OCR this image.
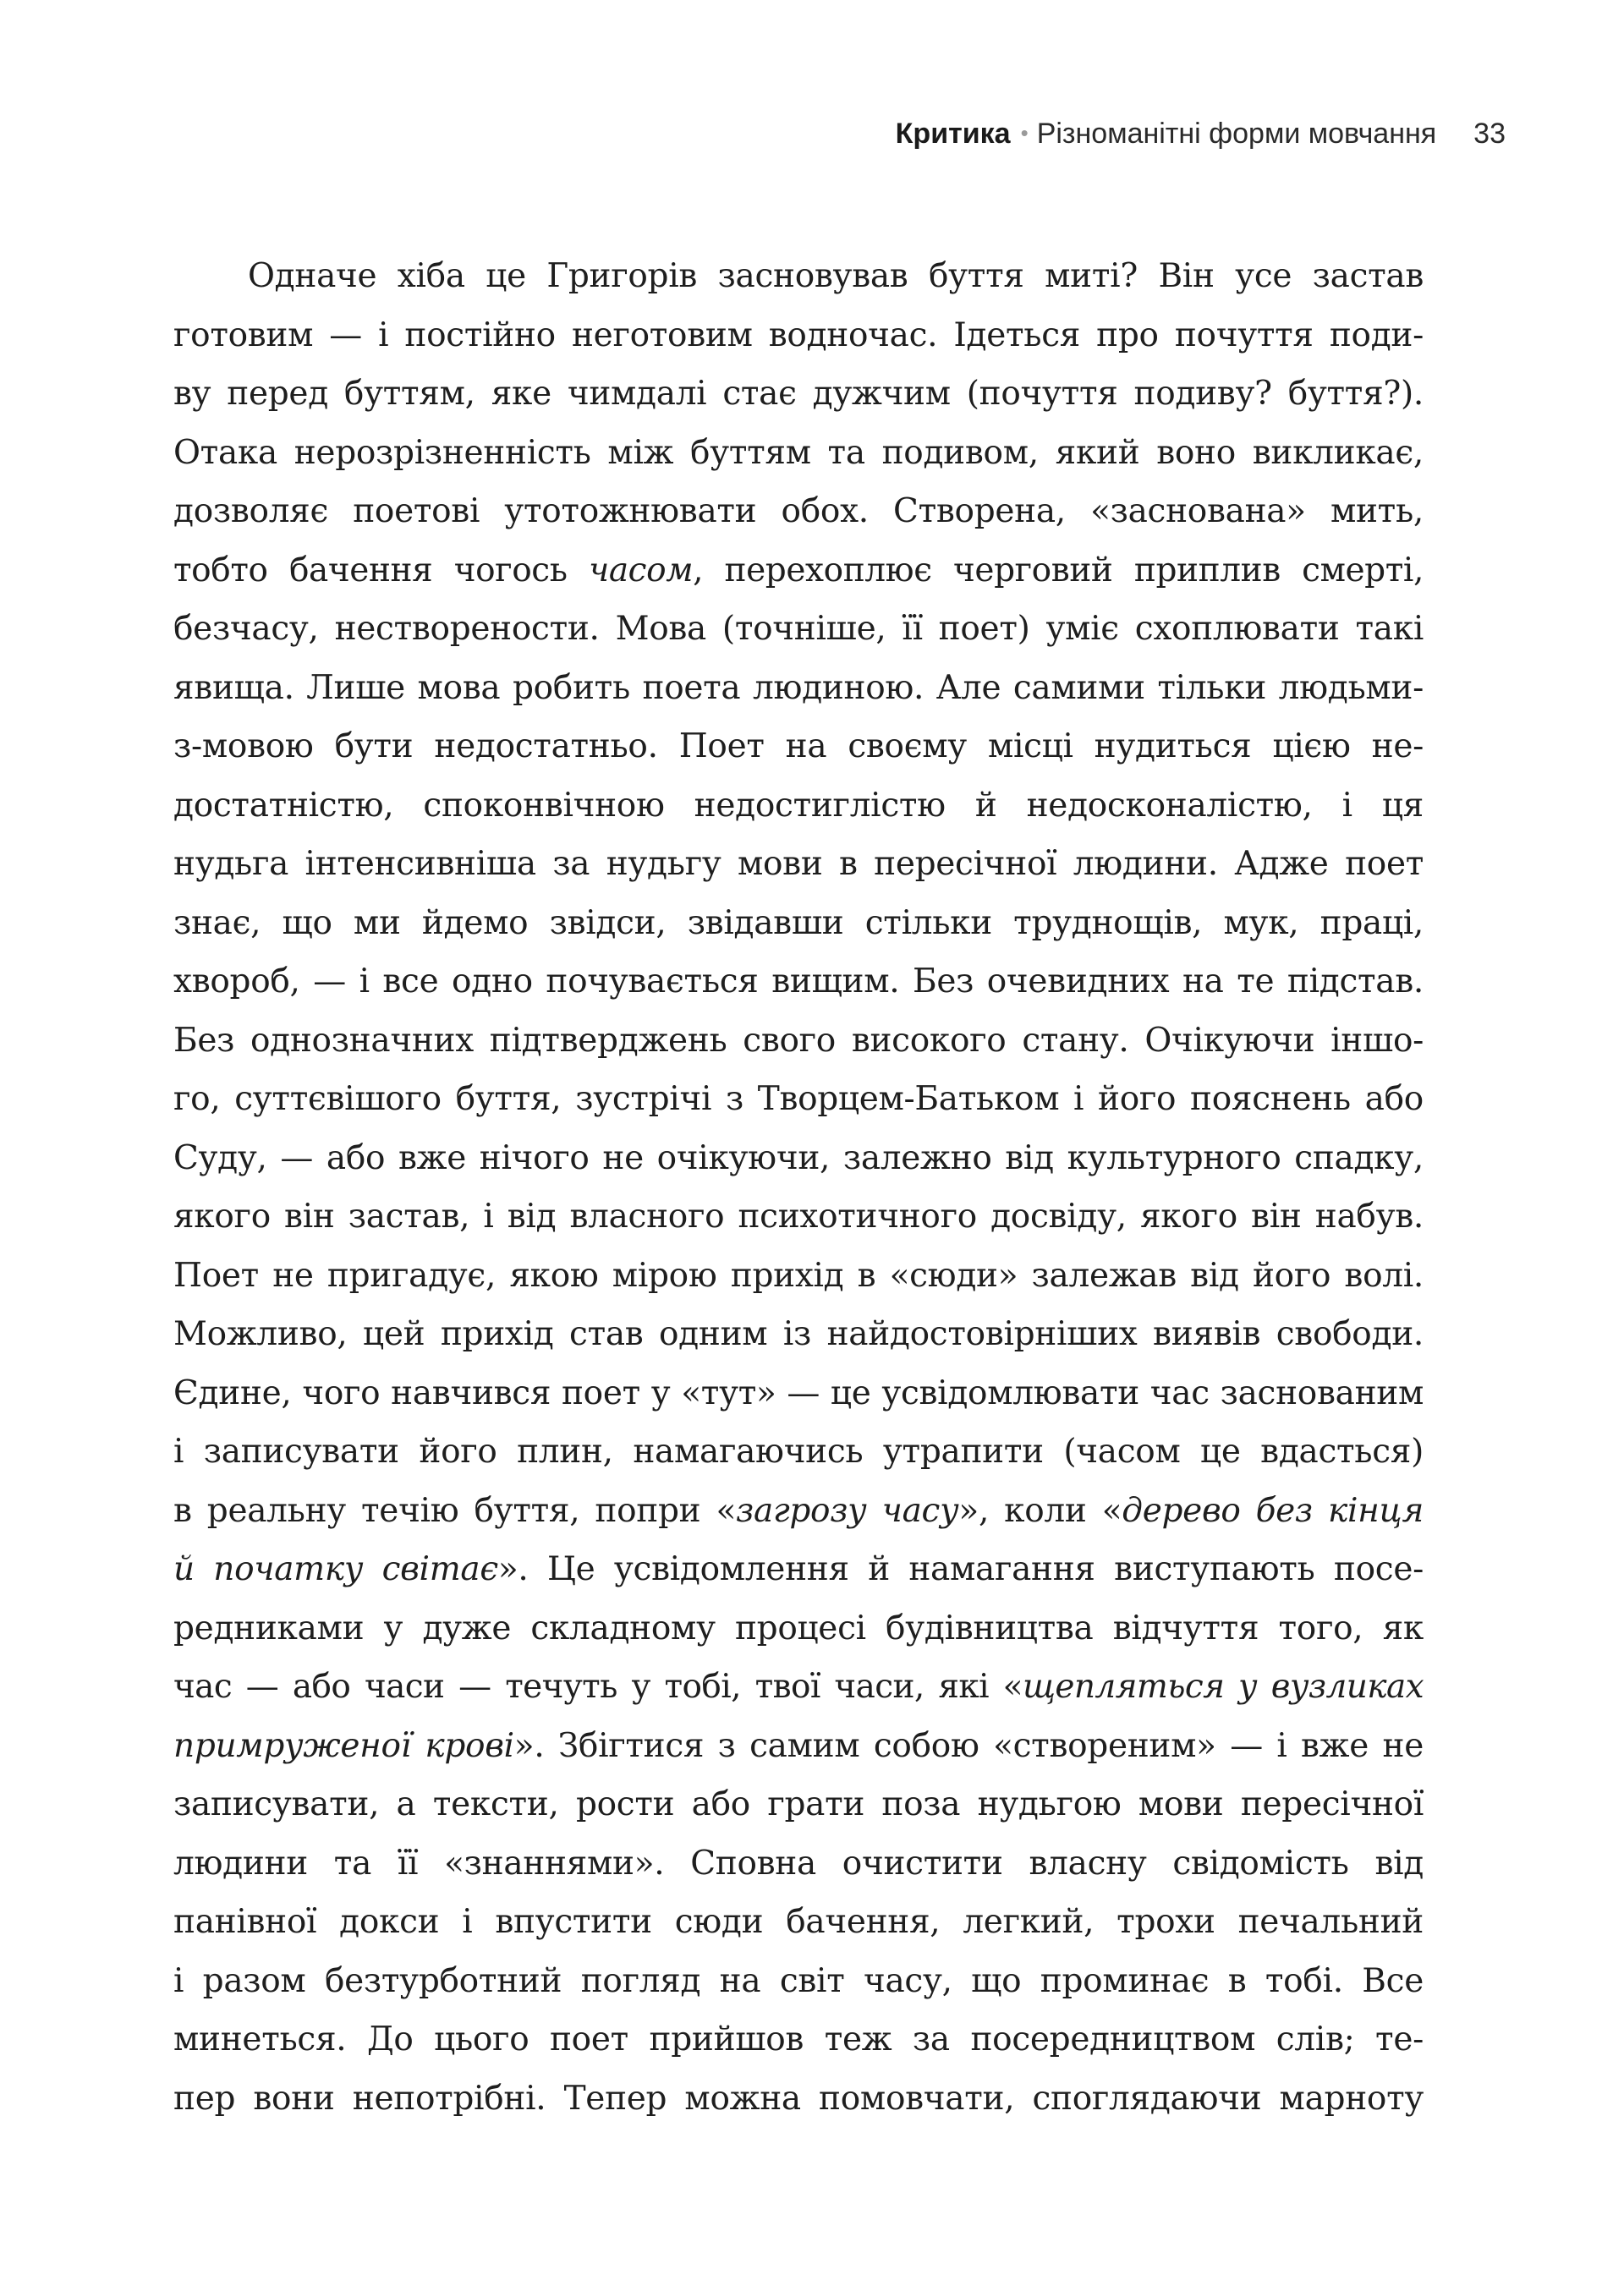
Критика • Різноманітні форми мовчання 33
Одначе хіба це Григорів засновував буття миті? Він усе застав
готовим — і постійно неготовим водночас. Ідеться про почуття поди-
ву перед буттям, яке чимдалі стає дужчим (почуття подиву? буття?).
Отака нерозрізненність між буттям та подивом, який воно викликає,
дозволяє поетові утотожнювати обох. Створена, «заснована» мить,
тобто бачення чогось часом, перехоплює черговий приплив смерті,
безчасу, нестворености. Мова (точніше, її поет) уміє схоплювати такі
явища. Лише мова робить поета людиною. Але самими тільки людьми-
з-мовою бути недостатньо. Поет на своєму місці нудиться цією не-
достатністю, споконвічною недостиглістю й недосконалістю, і ця
нудьга інтенсивніша за нудьгу мови в пересічної людини. Адже поет
знає, що ми йдемо звідси, звідавши стільки труднощів, мук, праці,
хвороб, — і все одно почувається вищим. Без очевидних на те підстав.
Без однозначних підтверджень свого високого стану. Очікуючи іншо-
го, суттєвішого буття, зустрічі з Творцем-Батьком і його пояснень або
Суду, — або вже нічого не очікуючи, залежно від культурного спадку,
якого він застав, і від власного психотичного досвіду, якого він набув.
Поет не пригадує, якою мірою прихід в «сюди» залежав від його волі.
Можливо, цей прихід став одним із найдостовірніших виявів свободи.
Єдине, чого навчився поет у «тут» — це усвідомлювати час заснованим
і записувати його плин, намагаючись утрапити (часом це вдасться)
в реальну течію буття, попри «загрозу часу», коли «дерево без кінця
й початку світає». Це усвідомлення й намагання виступають посе-
редниками у дуже складному процесі будівництва відчуття того, як
час — або часи — течуть у тобі, твої часи, які «щепляться у вузликах
примруженої крові». Збігтися з самим собою «створеним» — і вже не
записувати, а тексти, рости або грати поза нудьгою мови пересічної
людини та її «знаннями». Сповна очистити власну свідомість від
панівної докси і впустити сюди бачення, легкий, трохи печальний
і разом безтурботний погляд на світ часу, що проминає в тобі. Все
минеться. До цього поет прийшов теж за посередництвом слів; те-
пер вони непотрібні. Тепер можна помовчати, споглядаючи марноту
